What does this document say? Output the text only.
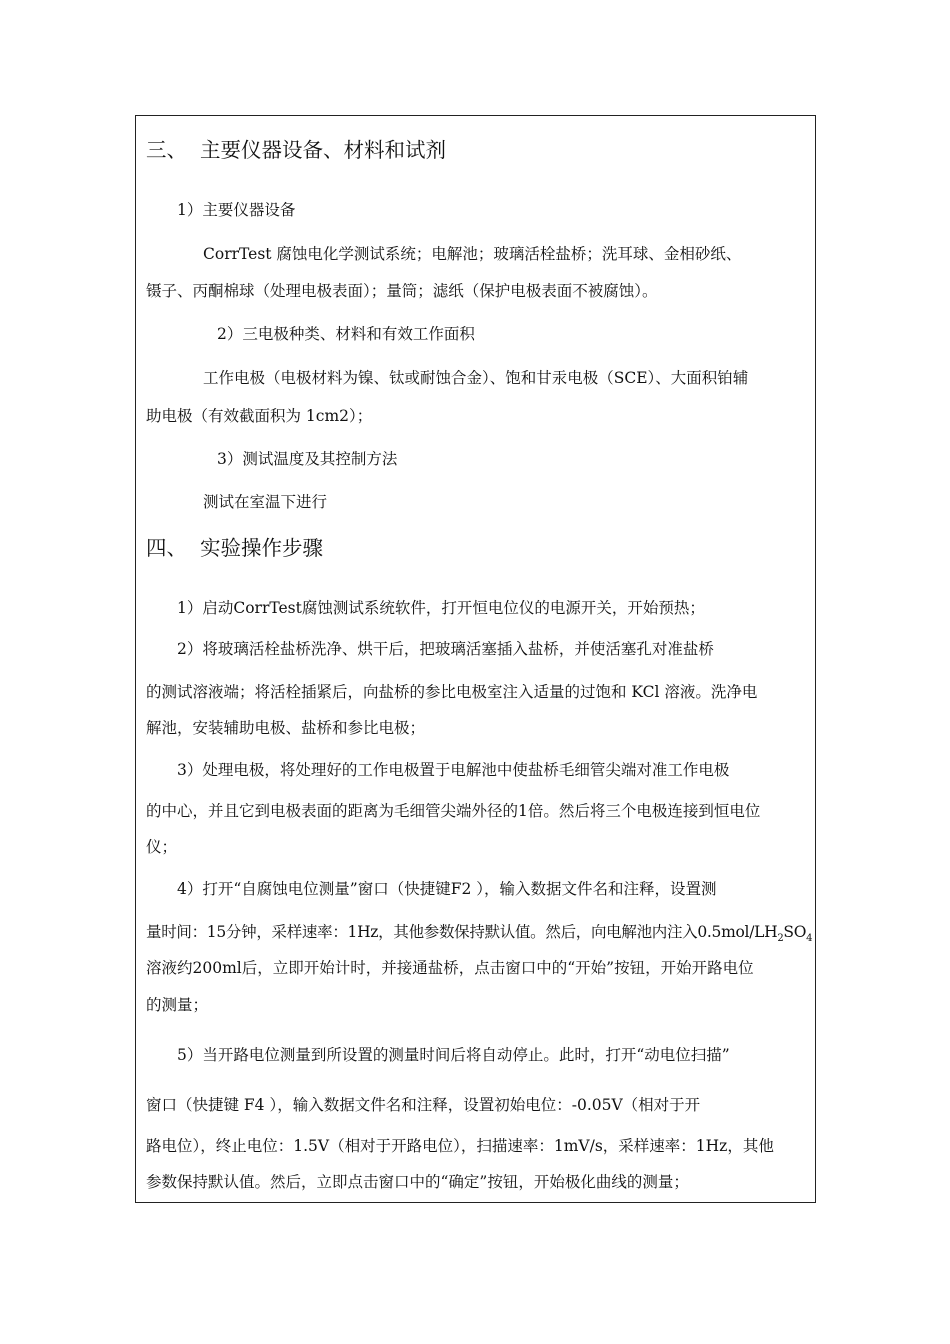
三、 主要仪器设备、材料和试剂
1）主要仪器设备
CorrTest 腐蚀电化学测试系统；电解池；玻璃活栓盐桥；洗耳球、金相砂纸、
镊子、丙酮棉球（处理电极表面）；量筒；滤纸（保护电极表面不被腐蚀）。
2）三电极种类、材料和有效工作面积
工作电极（电极材料为镍、钛或耐蚀合金）、饱和甘汞电极（SCE）、大面积铂辅
助电极（有效截面积为 1cm2）；
3）测试温度及其控制方法
测试在室温下进行
四、 实验操作步骤
1）启动CorrTest腐蚀测试系统软件，打开恒电位仪的电源开关，开始预热；
2）将玻璃活栓盐桥洗净、烘干后，把玻璃活塞插入盐桥，并使活塞孔对准盐桥
的测试溶液端；将活栓插紧后，向盐桥的参比电极室注入适量的过饱和 KCl 溶液。洗净电
解池，安装辅助电极、盐桥和参比电极；
3）处理电极，将处理好的工作电极置于电解池中使盐桥毛细管尖端对准工作电极
的中心，并且它到电极表面的距离为毛细管尖端外径的1倍。然后将三个电极连接到恒电位
仪；
4）打开“自腐蚀电位测量”窗口（快捷键F2 ），输入数据文件名和注释，设置测
量时间：15分钟，采样速率：1Hz，其他参数保持默认值。然后，向电解池内注入$0.5mol/LH_2SO_4$
溶液约200ml后，立即开始计时，并接通盐桥，点击窗口中的“开始”按钮，开始开路电位
的测量；
5）当开路电位测量到所设置的测量时间后将自动停止。此时，打开“动电位扫描”
窗口（快捷键 F4 ），输入数据文件名和注释，设置初始电位：-0.05V（相对于开
路电位），终止电位：1.5V（相对于开路电位），扫描速率：1mV/s，采样速率：1Hz，其他
参数保持默认值。然后，立即点击窗口中的“确定”按钮，开始极化曲线的测量；
